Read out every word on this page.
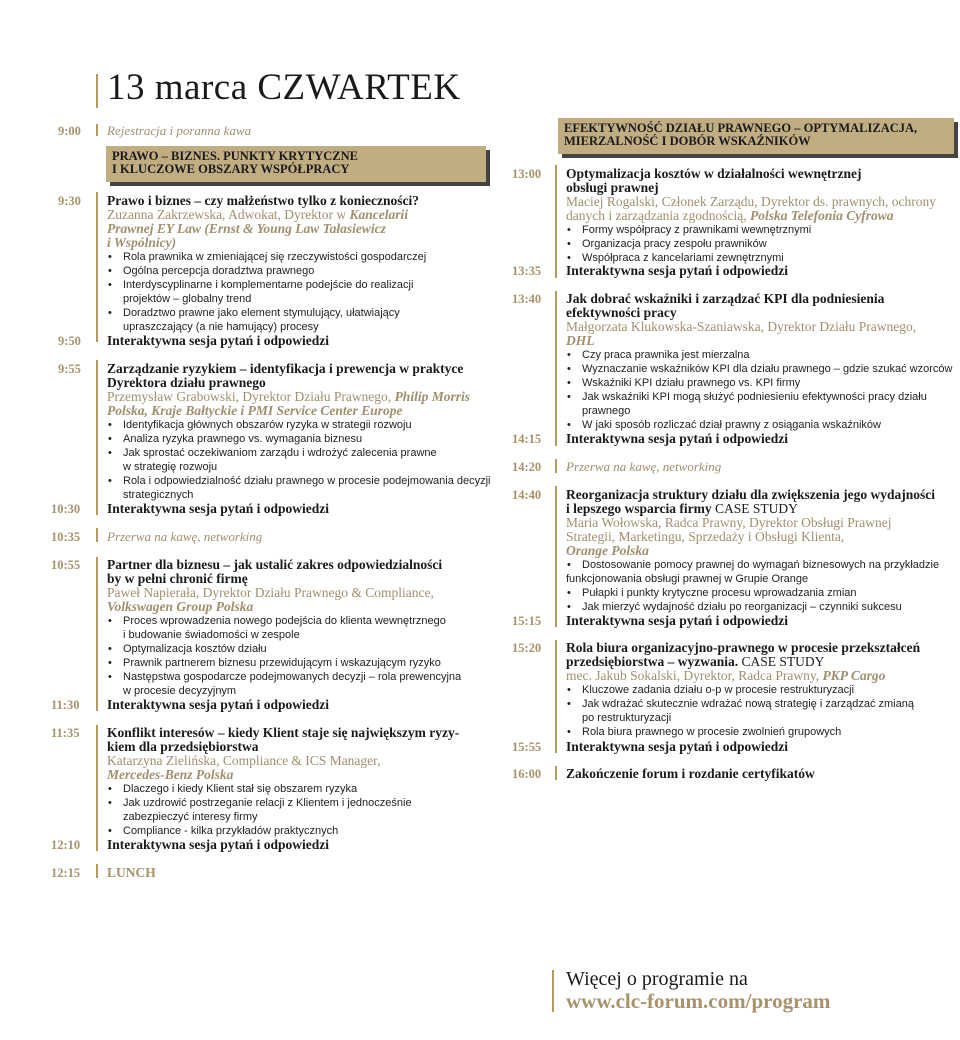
13 marca CZWARTEK
9:00 Rejestracja i poranna kawa
PRAWO – BIZNES. PUNKTY KRYTYCZNE
I KLUCZOWE OBSZARY WSPÓŁPRACY
9:30 Prawo i biznes – czy małżeństwo tylko z konieczności?
Zuzanna Zakrzewska, Adwokat, Dyrektor w Kancelarii
Prawnej EY Law (Ernst & Young Law Tałasiewicz
i Wspólnicy)
• Rola prawnika w zmieniającej się rzeczywistości gospodarczej
• Ogólna percepcja doradztwa prawnego
• Interdyscyplinarne i komplementarne podejście do realizacji
projektów – globalny trend
• Doradztwo prawne jako element stymulujący, ułatwiający
upraszczający (a nie hamujący) procesy
9:50 Interaktywna sesja pytań i odpowiedzi
9:55 Zarządzanie ryzykiem – identyfikacja i prewencja w praktyce
Dyrektora działu prawnego
Przemysław Grabowski, Dyrektor Działu Prawnego, Philip Morris
Polska, Kraje Bałtyckie i PMI Service Center Europe
• Identyfikacja głównych obszarów ryzyka w strategii rozwoju
• Analiza ryzyka prawnego vs. wymagania biznesu
• Jak sprostać oczekiwaniom zarządu i wdrożyć zalecenia prawne
w strategię rozwoju
• Rola i odpowiedzialność działu prawnego w procesie podejmowania decyzji
strategicznych
10:30 Interaktywna sesja pytań i odpowiedzi
10:35 Przerwa na kawę, networking
10:55 Partner dla biznesu – jak ustalić zakres odpowiedzialności
by w pełni chronić firmę
Paweł Napierała, Dyrektor Działu Prawnego & Compliance,
Volkswagen Group Polska
• Proces wprowadzenia nowego podejścia do klienta wewnętrznego
i budowanie świadomości w zespole
• Optymalizacja kosztów działu
• Prawnik partnerem biznesu przewidującym i wskazującym ryzyko
• Następstwa gospodarcze podejmowanych decyzji – rola prewencyjna
w procesie decyzyjnym
11:30 Interaktywna sesja pytań i odpowiedzi
11:35 Konflikt interesów – kiedy Klient staje się największym ryzy-
kiem dla przedsiębiorstwa
Katarzyna Zielińska, Compliance & ICS Manager,
Mercedes-Benz Polska
• Dlaczego i kiedy Klient stał się obszarem ryzyka
• Jak uzdrowić postrzeganie relacji z Klientem i jednocześnie
zabezpieczyć interesy firmy
• Compliance - kilka przykładów praktycznych
12:10 Interaktywna sesja pytań i odpowiedzi
12:15 LUNCH
EFEKTYWNOŚĆ DZIAŁU PRAWNEGO – OPTYMALIZACJA,
MIERZALNOŚĆ I DOBÓR WSKAŹNIKÓW
13:00 Optymalizacja kosztów w działalności wewnętrznej
obsługi prawnej
Maciej Rogalski, Członek Zarządu, Dyrektor ds. prawnych, ochrony
danych i zarządzania zgodnością, Polska Telefonia Cyfrowa
• Formy współpracy z prawnikami wewnętrznymi
• Organizacja pracy zespołu prawników
• Współpraca z kancelariami zewnętrznymi
13:35 Interaktywna sesja pytań i odpowiedzi
13:40 Jak dobrać wskaźniki i zarządzać KPI dla podniesienia
efektywności pracy
Małgorzata Klukowska-Szaniawska, Dyrektor Działu Prawnego,
DHL
• Czy praca prawnika jest mierzalna
• Wyznaczanie wskaźników KPI dla działu prawnego – gdzie szukać wzorców
• Wskaźniki KPI działu prawnego vs. KPI firmy
• Jak wskaźniki KPI mogą służyć podniesieniu efektywności pracy działu
prawnego
• W jaki sposób rozliczać dział prawny z osiągania wskaźników
14:15 Interaktywna sesja pytań i odpowiedzi
14:20 Przerwa na kawę, networking
14:40 Reorganizacja struktury działu dla zwiększenia jego wydajności
i lepszego wsparcia firmy CASE STUDY
Maria Wołowska, Radca Prawny, Dyrektor Obsługi Prawnej
Strategii, Marketingu, Sprzedaży i Obsługi Klienta,
Orange Polska
• Dostosowanie pomocy prawnej do wymagań biznesowych na przykładzie
funkcjonowania obsługi prawnej w Grupie Orange
• Pułapki i punkty krytyczne procesu wprowadzania zmian
• Jak mierzyć wydajność działu po reorganizacji – czynniki sukcesu
15:15 Interaktywna sesja pytań i odpowiedzi
15:20 Rola biura organizacyjno-prawnego w procesie przekształceń
przedsiębiorstwa – wyzwania. CASE STUDY
mec. Jakub Sokalski, Dyrektor, Radca Prawny, PKP Cargo
• Kluczowe zadania działu o-p w procesie restrukturyzacji
• Jak wdrażać skutecznie wdrażać nową strategię i zarządzać zmianą
po restrukturyzacji
• Rola biura prawnego w procesie zwolnień grupowych
15:55 Interaktywna sesja pytań i odpowiedzi
16:00 Zakończenie forum i rozdanie certyfikatów
Więcej o programie na
www.clc-forum.com/program
